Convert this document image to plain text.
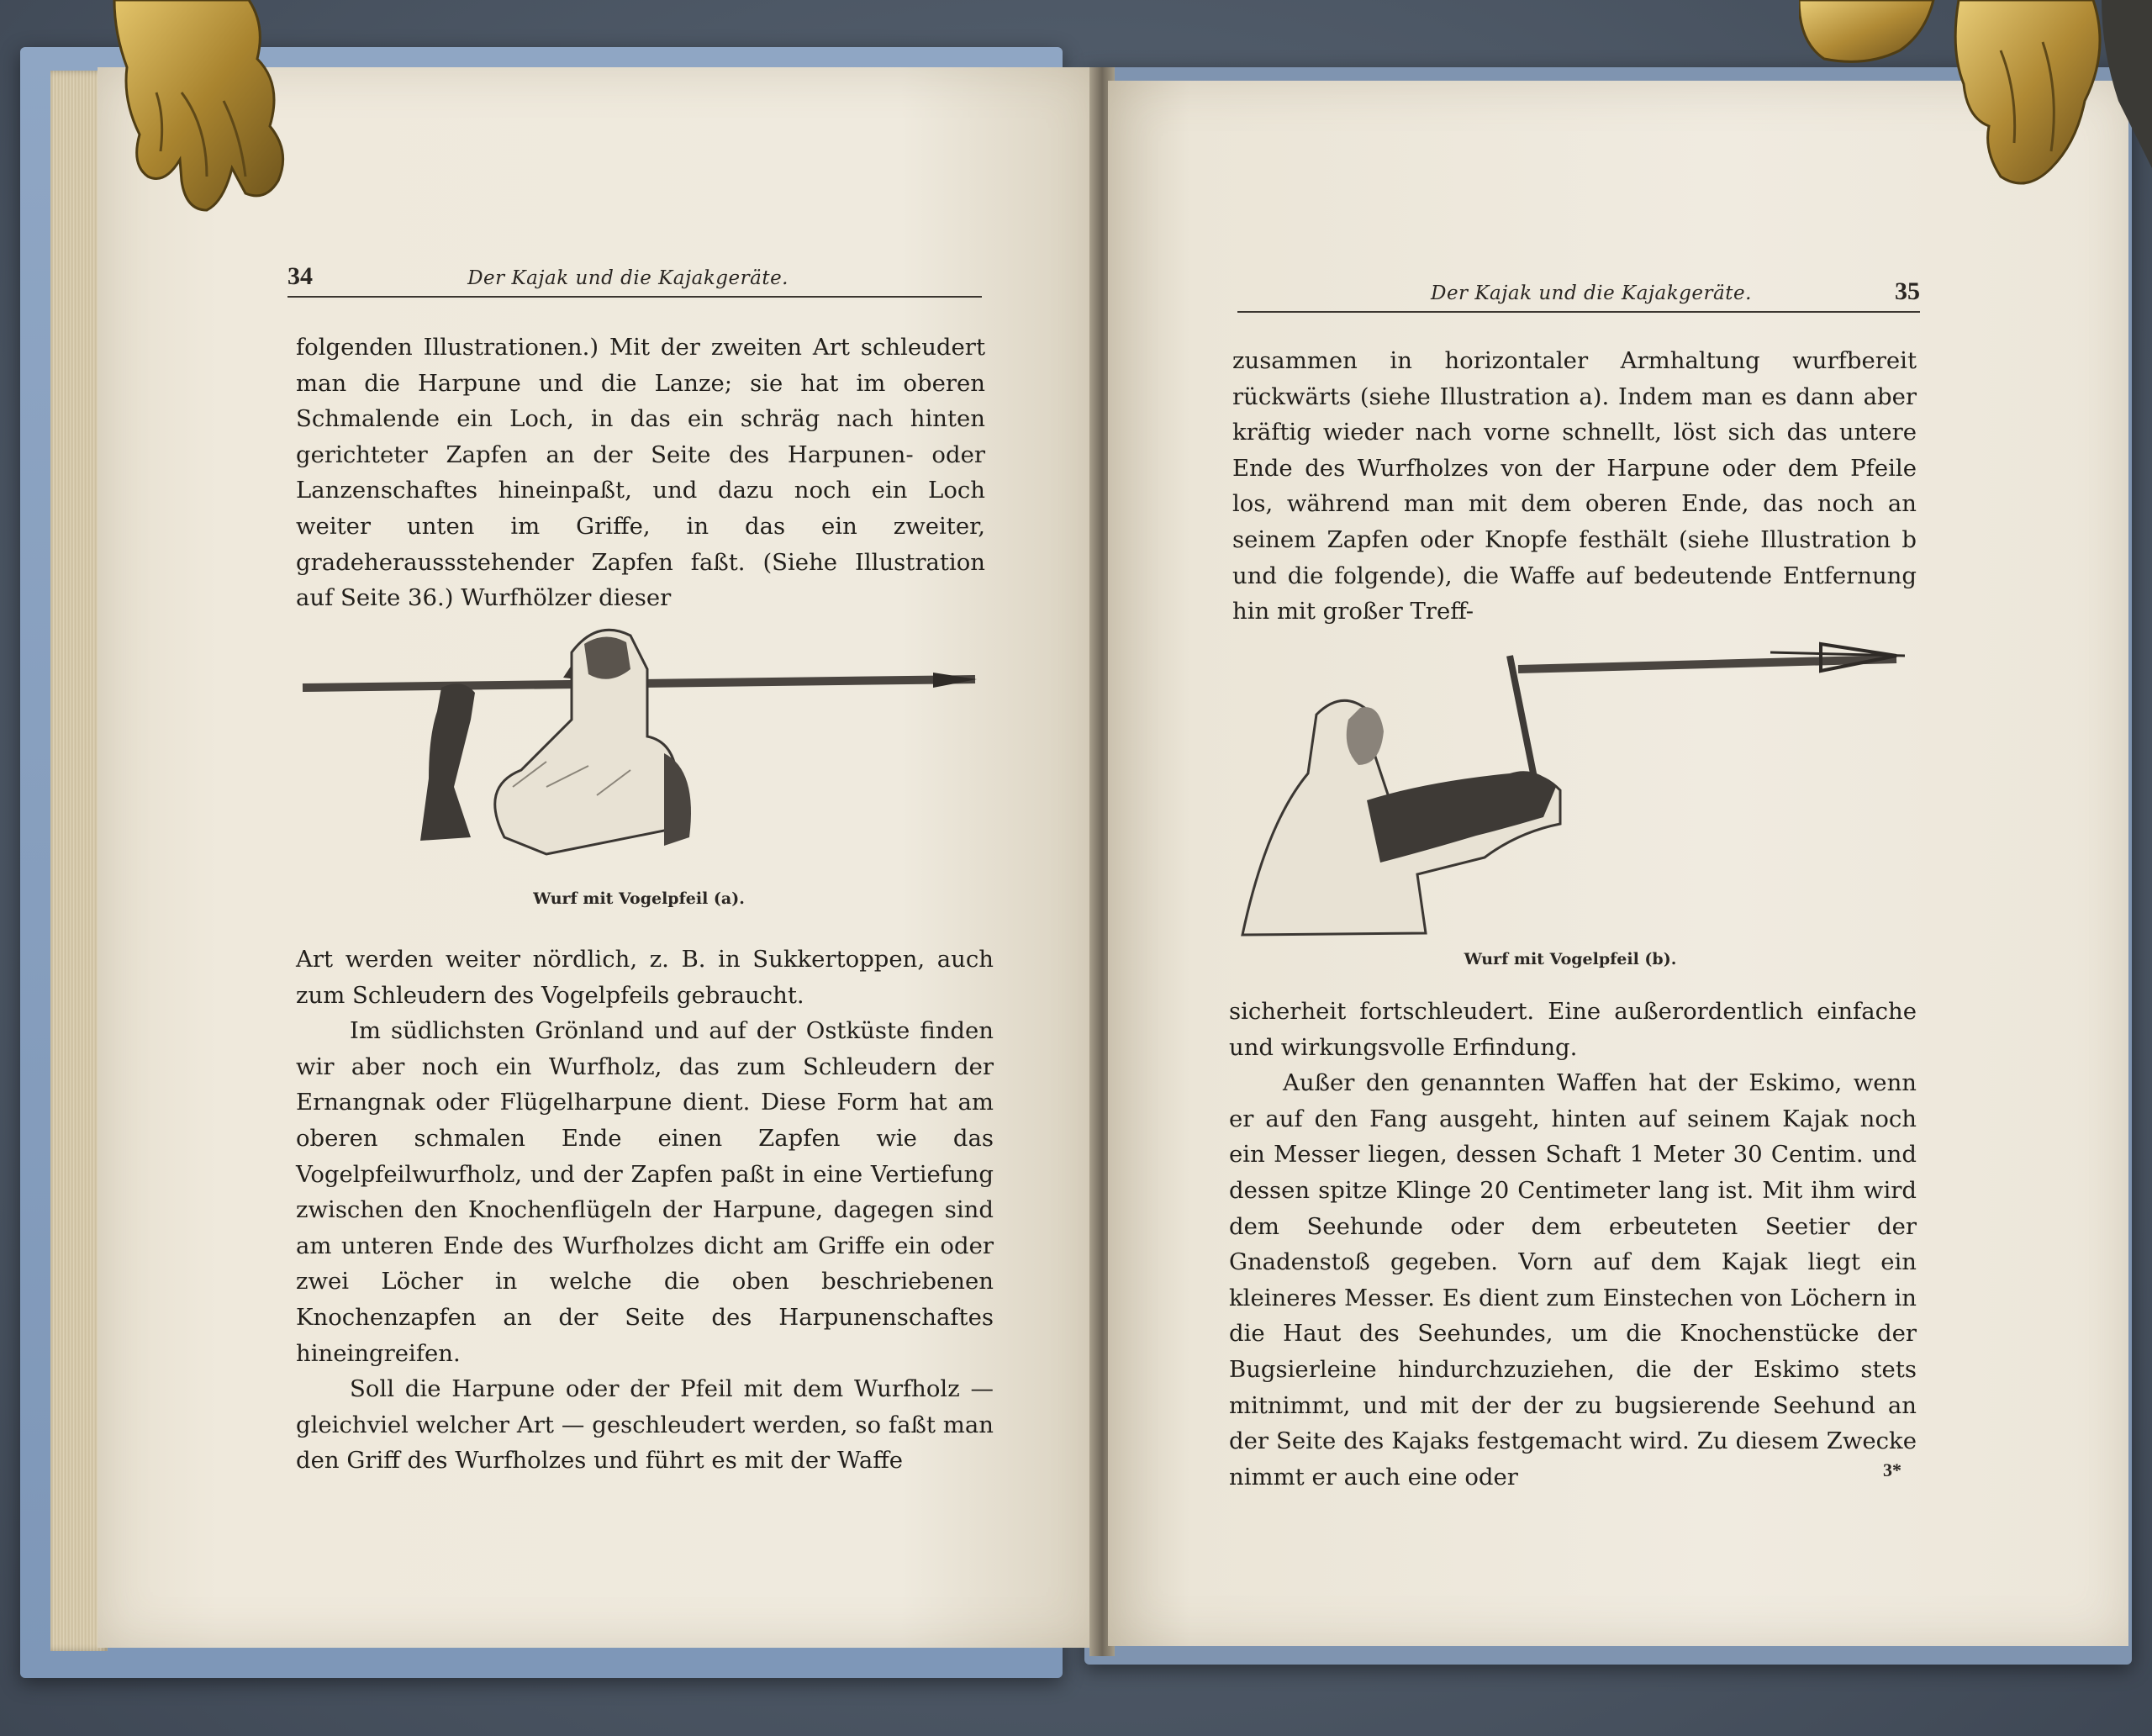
34	Der Kajak und die Kajakgeräte.

folgenden Illustrationen.) Mit der zweiten Art schleudert man die Harpune und die Lanze; sie hat im oberen Schmalende ein Loch, in das ein schräg nach hinten gerichteter Zapfen an der Seite des Harpunen- oder Lanzenschaftes hineinpaßt, und dazu noch ein Loch weiter unten im Griffe, in das ein zweiter, gradeheraussstehender Zapfen faßt. (Siehe Illustration auf Seite 36.) Wurfhölzer dieser

Wurf mit Vogelpfeil (a).

Art werden weiter nördlich, z. B. in Sukkertoppen, auch zum Schleudern des Vogelpfeils gebraucht.

Im südlichsten Grönland und auf der Ostküste finden wir aber noch ein Wurfholz, das zum Schleudern der Ernangnak oder Flügelharpune dient. Diese Form hat am oberen schmalen Ende einen Zapfen wie das Vogelpfeilwurfholz, und der Zapfen paßt in eine Vertiefung zwischen den Knochenflügeln der Harpune, dagegen sind am unteren Ende des Wurfholzes dicht am Griffe ein oder zwei Löcher in welche die oben beschriebenen Knochenzapfen an der Seite des Harpunenschaftes hineingreifen.

Soll die Harpune oder der Pfeil mit dem Wurfholz — gleichviel welcher Art — geschleudert werden, so faßt man den Griff des Wurfholzes und führt es mit der Waffe

Der Kajak und die Kajakgeräte.	35

zusammen in horizontaler Armhaltung wurfbereit rückwärts (siehe Illustration a). Indem man es dann aber kräftig wieder nach vorne schnellt, löst sich das untere Ende des Wurfholzes von der Harpune oder dem Pfeile los, während man mit dem oberen Ende, das noch an seinem Zapfen oder Knopfe festhält (siehe Illustration b und die folgende), die Waffe auf bedeutende Entfernung hin mit großer Treff-

Wurf mit Vogelpfeil (b).

sicherheit fortschleudert. Eine außerordentlich einfache und wirkungsvolle Erfindung.

Außer den genannten Waffen hat der Eskimo, wenn er auf den Fang ausgeht, hinten auf seinem Kajak noch ein Messer liegen, dessen Schaft 1 Meter 30 Centim. und dessen spitze Klinge 20 Centimeter lang ist. Mit ihm wird dem Seehunde oder dem erbeuteten Seetier der Gnadenstoß gegeben. Vorn auf dem Kajak liegt ein kleineres Messer. Es dient zum Einstechen von Löchern in die Haut des Seehundes, um die Knochenstücke der Bugsierleine hindurchzuziehen, die der Eskimo stets mitnimmt, und mit der der zu bugsierende Seehund an der Seite des Kajaks festgemacht wird. Zu diesem Zwecke nimmt er auch eine oder	3*
